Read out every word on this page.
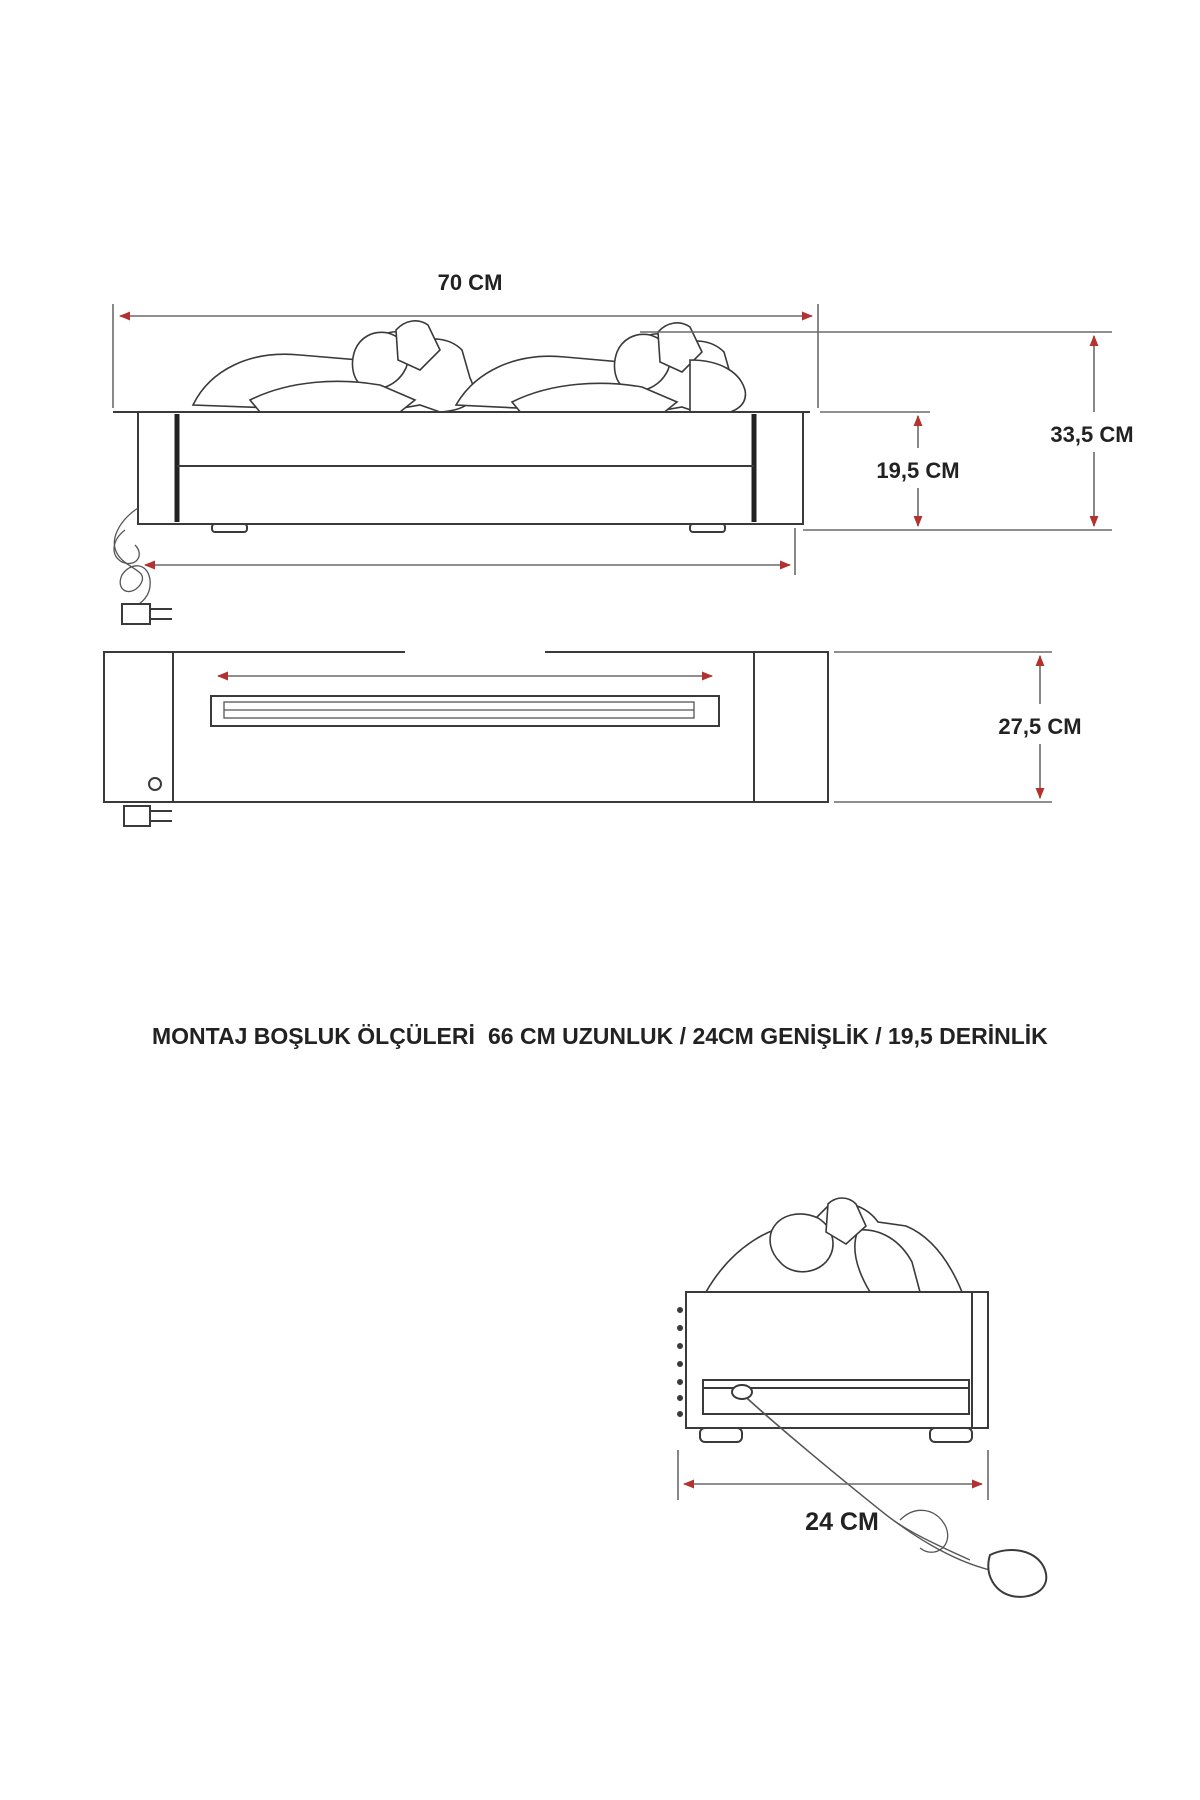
70 CM
33,5 CM
19,5 CM
27,5 CM
MONTAJ BOŞLUK ÖLÇÜLERİ 66 CM UZUNLUK / 24CM GENİŞLİK / 19,5 DERİNLİK
24 CM
